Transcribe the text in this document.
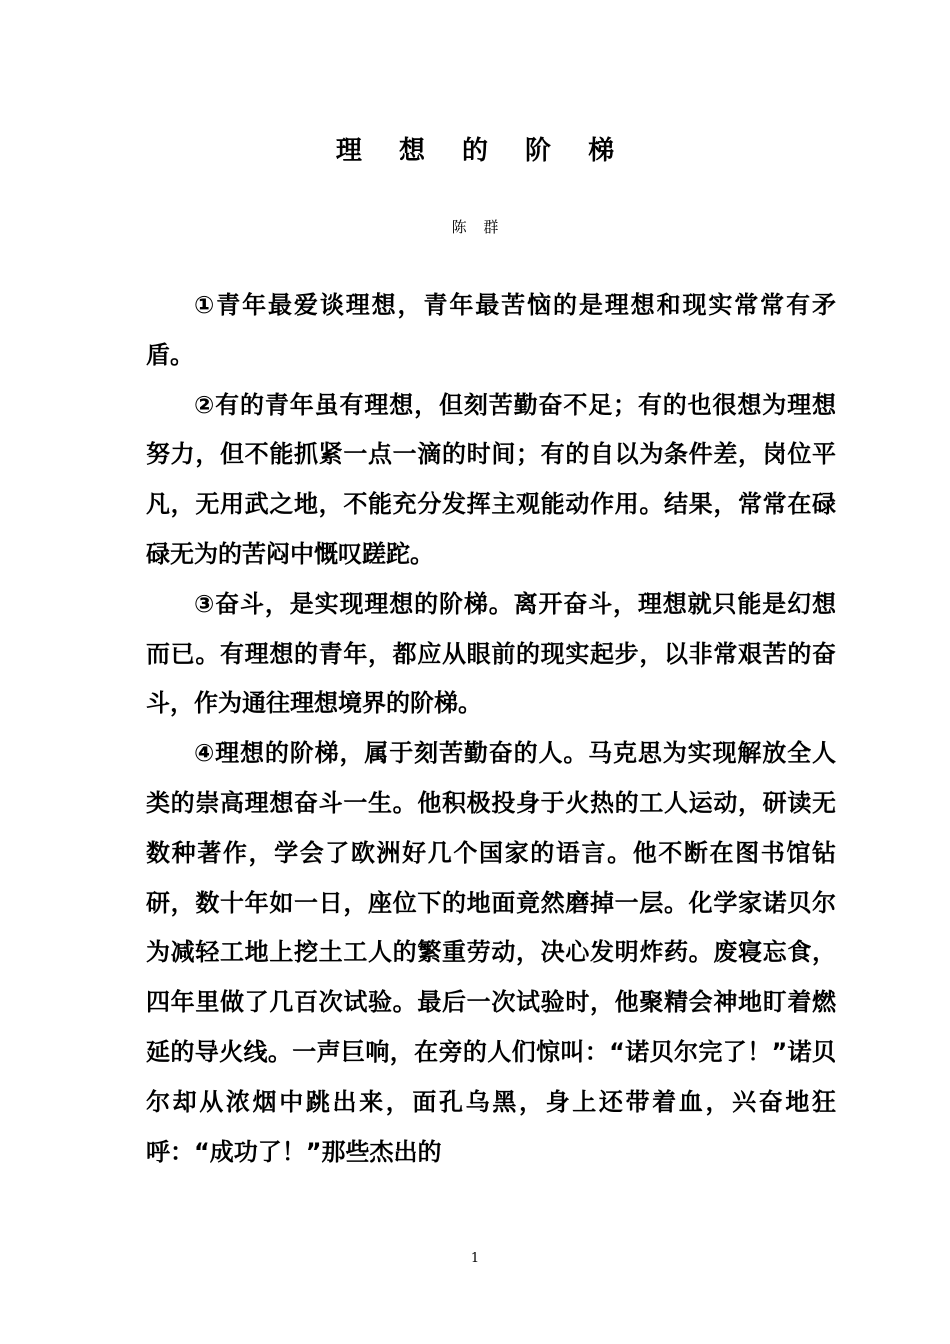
理 想 的 阶 梯
陈 群

①青年最爱谈理想，青年最苦恼的是理想和现实常常有矛盾。

②有的青年虽有理想，但刻苦勤奋不足；有的也很想为理想努力，但不能抓紧一点一滴的时间；有的自以为条件差，岗位平凡，无用武之地，不能充分发挥主观能动作用。结果，常常在碌碌无为的苦闷中慨叹蹉跎。

③奋斗，是实现理想的阶梯。离开奋斗，理想就只能是幻想而已。有理想的青年，都应从眼前的现实起步，以非常艰苦的奋斗，作为通往理想境界的阶梯。

④理想的阶梯，属于刻苦勤奋的人。马克思为实现解放全人类的崇高理想奋斗一生。他积极投身于火热的工人运动，研读无数种著作，学会了欧洲好几个国家的语言。他不断在图书馆钻研，数十年如一日，座位下的地面竟然磨掉一层。化学家诺贝尔为减轻工地上挖土工人的繁重劳动，决心发明炸药。废寝忘食，四年里做了几百次试验。最后一次试验时，他聚精会神地盯着燃延的导火线。一声巨响，在旁的人们惊叫：“诺贝尔完了！”诺贝尔却从浓烟中跳出来，面孔乌黑，身上还带着血，兴奋地狂呼：“成功了！”那些杰出的

1
